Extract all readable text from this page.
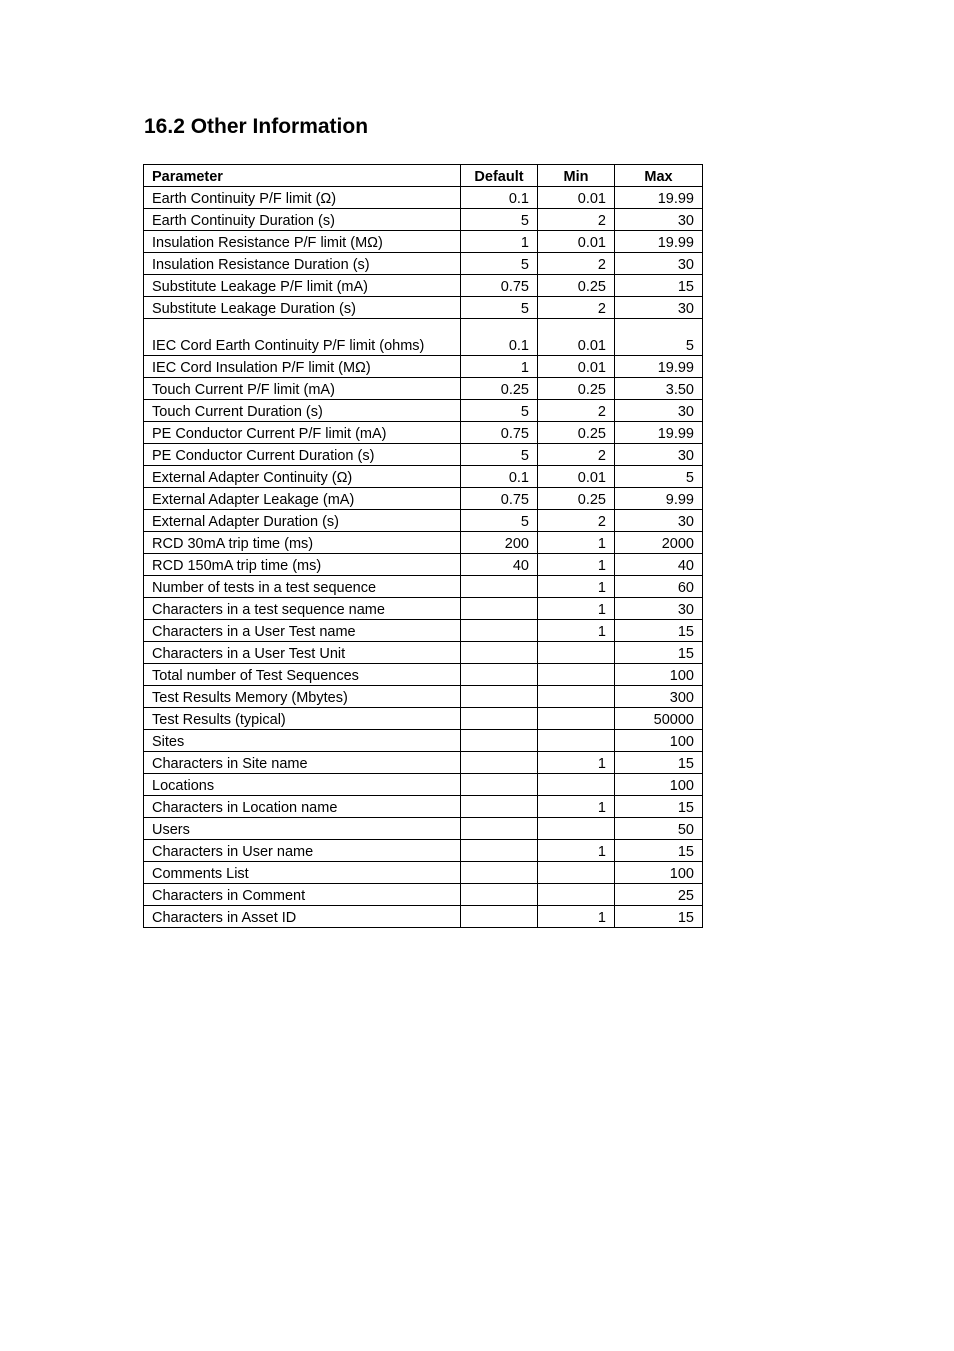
16.2 Other Information
Parameter	Default	Min	Max
Earth Continuity P/F limit (Ω)	0.1	0.01	19.99
Earth Continuity Duration (s)	5	2	30
Insulation Resistance P/F limit (MΩ)	1	0.01	19.99
Insulation Resistance Duration (s)	5	2	30
Substitute Leakage P/F limit (mA)	0.75	0.25	15
Substitute Leakage Duration (s)	5	2	30
IEC Cord Earth Continuity P/F limit (ohms)	0.1	0.01	5
IEC Cord Insulation P/F limit (MΩ)	1	0.01	19.99
Touch Current P/F limit (mA)	0.25	0.25	3.50
Touch Current Duration (s)	5	2	30
PE Conductor Current P/F limit (mA)	0.75	0.25	19.99
PE Conductor Current Duration (s)	5	2	30
External Adapter Continuity (Ω)	0.1	0.01	5
External Adapter Leakage (mA)	0.75	0.25	9.99
External Adapter Duration (s)	5	2	30
RCD 30mA trip time (ms)	200	1	2000
RCD 150mA trip time (ms)	40	1	40
Number of tests in a test sequence		1	60
Characters in a test sequence name		1	30
Characters in a User Test name		1	15
Characters in a User Test Unit			15
Total number of Test Sequences			100
Test Results Memory (Mbytes)			300
Test Results (typical)			50000
Sites			100
Characters in Site name		1	15
Locations			100
Characters in Location name		1	15
Users			50
Characters in User name		1	15
Comments List			100
Characters in Comment			25
Characters in Asset ID		1	15
